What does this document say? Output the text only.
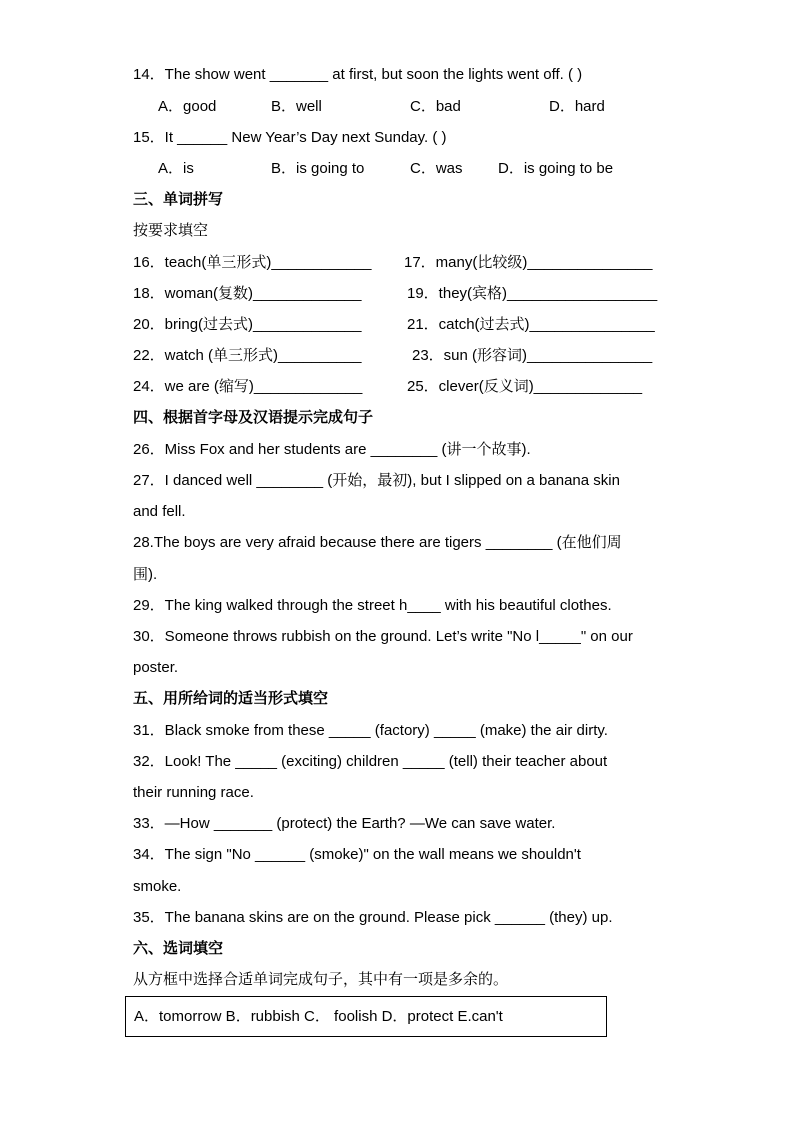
14．The show went _______ at first, but soon the lights went off. ( )
A．good	B．well	C．bad	D．hard
15．It ______ New Year’s Day next Sunday. ( )
A．is	B．is going to	C．was D．is going to be
三、单词拼写
按要求填空
16．teach(单三形式)____________ 17．many(比较级)_______________
18．woman(复数)_____________	19．they(宾格)__________________
20．bring(过去式)_____________	21．catch(过去式)_______________
22．watch (单三形式)__________	23．sun (形容词)_______________
24．we are (缩写)_____________	25．clever(反义词)_____________
四、根据首字母及汉语提示完成句子
26．Miss Fox and her students are ________ (讲一个故事).
27．I danced well ________ (开始，最初), but I slipped on a banana skin
and fell.
28.The boys are very afraid because there are tigers ________ (在他们周
围).
29．The king walked through the street h____ with his beautiful clothes.
30．Someone throws rubbish on the ground. Let’s write "No l_____" on our
poster.
五、用所给词的适当形式填空
31．Black smoke from these _____ (factory) _____ (make) the air dirty.
32．Look! The _____ (exciting) children _____ (tell) their teacher about
their running race.
33．—How _______ (protect) the Earth? —We can save water.
34．The sign "No ______ (smoke)" on the wall means we shouldn't
smoke.
35．The banana skins are on the ground. Please pick ______ (they) up.
六、选词填空
从方框中选择合适单词完成句子，其中有一项是多余的。
A．tomorrow B．rubbish C． foolish D．protect E.can't
